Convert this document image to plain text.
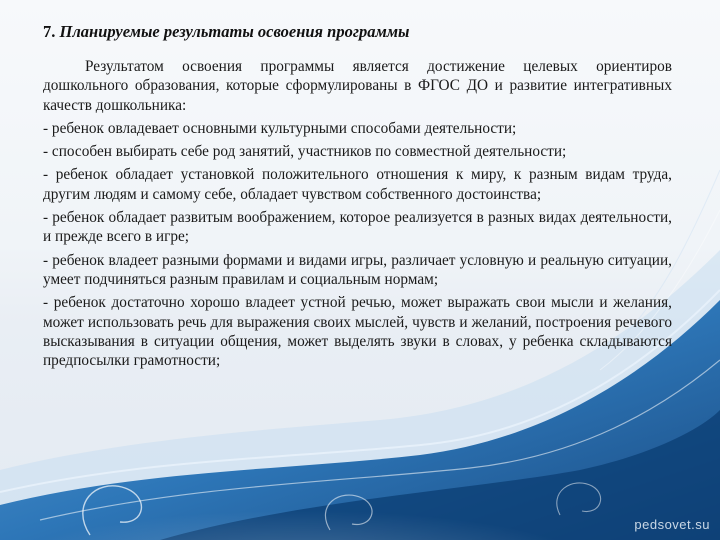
7. Планируемые результаты освоения программы

Результатом освоения программы является достижение целевых ориентиров дошкольного образования, которые сформулированы в ФГОС ДО и развитие интегративных качеств дошкольника:

- ребенок овладевает основными культурными способами деятельности;

- способен выбирать себе род занятий, участников по совместной деятельности;

- ребенок обладает установкой положительного отношения к миру, к разным видам труда, другим людям и самому себе, обладает чувством собственного достоинства;

- ребенок обладает развитым воображением, которое реализуется в разных видах деятельности, и прежде всего в игре;

- ребенок владеет разными формами и видами игры, различает условную и реальную ситуации, умеет подчиняться разным правилам и социальным нормам;

- ребенок достаточно хорошо владеет устной речью, может выражать свои мысли и желания, может использовать речь для выражения своих мыслей, чувств и желаний, построения речевого высказывания в ситуации общения, может выделять звуки в словах, у ребенка складываются предпосылки грамотности;

pedsovet.su
